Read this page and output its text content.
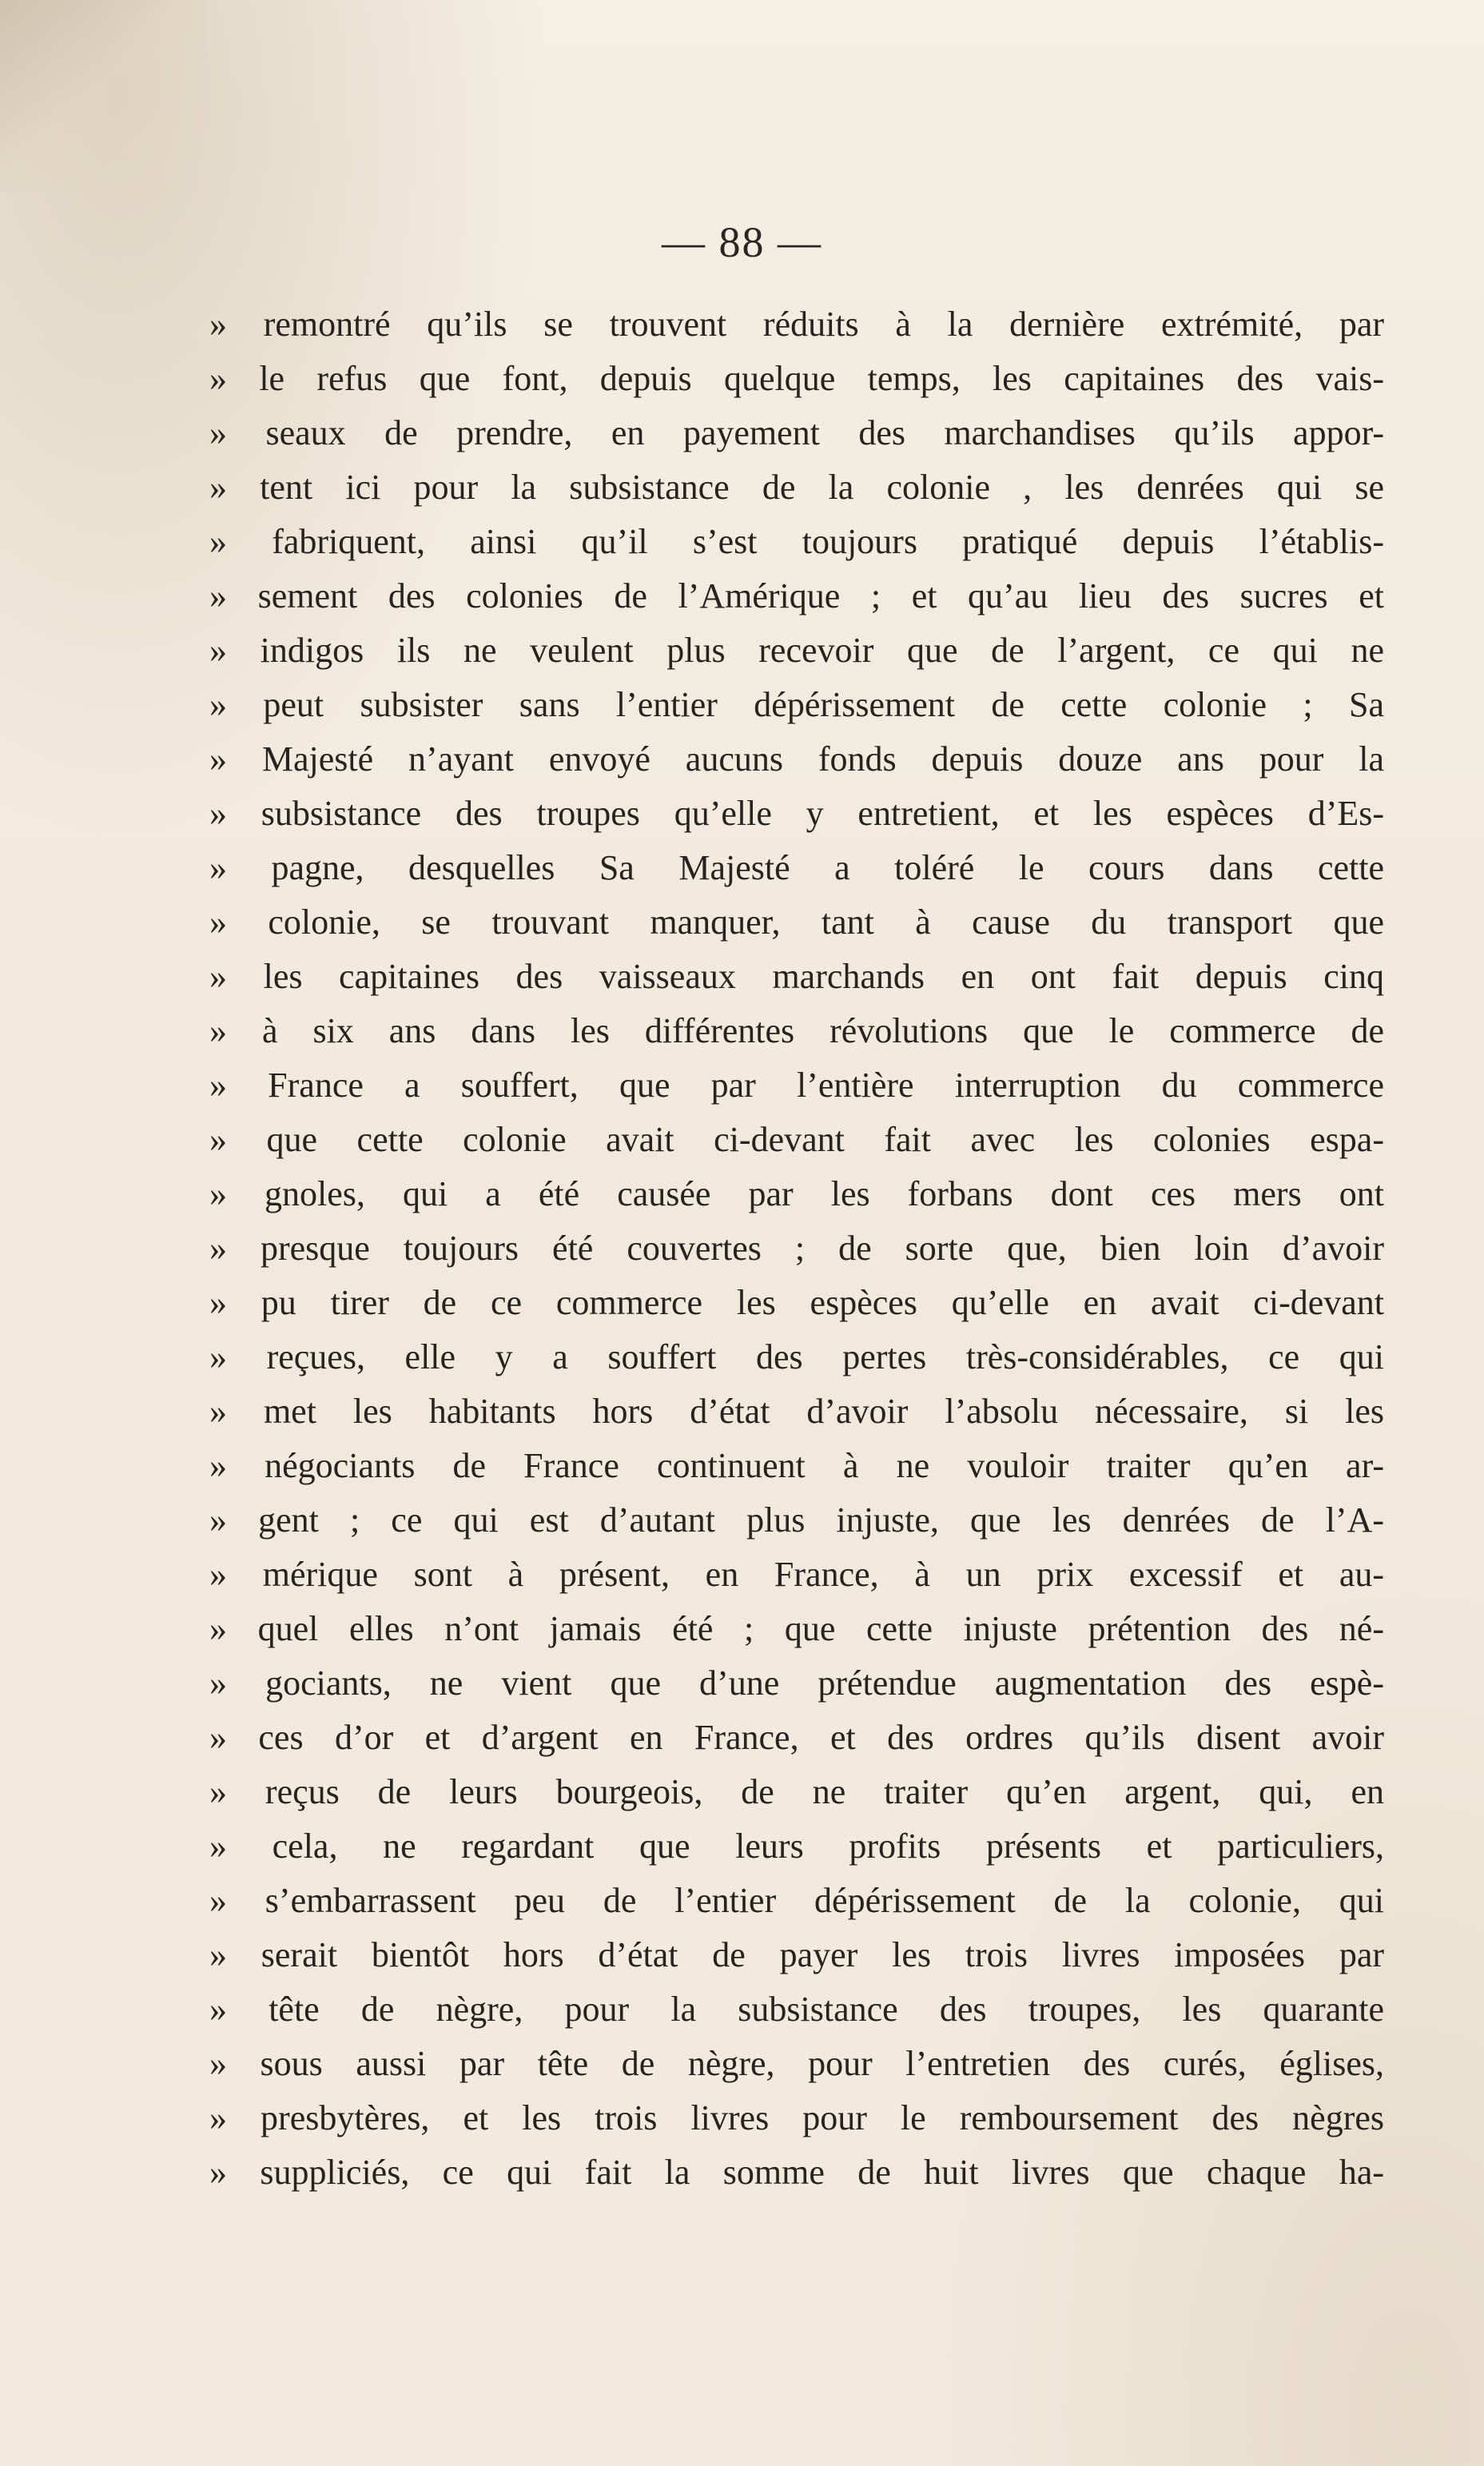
— 88 —
» remontré qu’ils se trouvent réduits à la dernière extrémité, par
» le refus que font, depuis quelque temps, les capitaines des vais-
» seaux de prendre, en payement des marchandises qu’ils appor-
» tent ici pour la subsistance de la colonie , les denrées qui se
» fabriquent, ainsi qu’il s’est toujours pratiqué depuis l’établis-
» sement des colonies de l’Amérique ; et qu’au lieu des sucres et
» indigos ils ne veulent plus recevoir que de l’argent, ce qui ne
» peut subsister sans l’entier dépérissement de cette colonie ; Sa
» Majesté n’ayant envoyé aucuns fonds depuis douze ans pour la
» subsistance des troupes qu’elle y entretient, et les espèces d’Es-
» pagne, desquelles Sa Majesté a toléré le cours dans cette
» colonie, se trouvant manquer, tant à cause du transport que
» les capitaines des vaisseaux marchands en ont fait depuis cinq
» à six ans dans les différentes révolutions que le commerce de
» France a souffert, que par l’entière interruption du commerce
» que cette colonie avait ci-devant fait avec les colonies espa-
» gnoles, qui a été causée par les forbans dont ces mers ont
» presque toujours été couvertes ; de sorte que, bien loin d’avoir
» pu tirer de ce commerce les espèces qu’elle en avait ci-devant
» reçues, elle y a souffert des pertes très-considérables, ce qui
» met les habitants hors d’état d’avoir l’absolu nécessaire, si les
» négociants de France continuent à ne vouloir traiter qu’en ar-
» gent ; ce qui est d’autant plus injuste, que les denrées de l’A-
» mérique sont à présent, en France, à un prix excessif et au-
» quel elles n’ont jamais été ; que cette injuste prétention des né-
» gociants, ne vient que d’une prétendue augmentation des espè-
» ces d’or et d’argent en France, et des ordres qu’ils disent avoir
» reçus de leurs bourgeois, de ne traiter qu’en argent, qui, en
» cela, ne regardant que leurs profits présents et particuliers,
» s’embarrassent peu de l’entier dépérissement de la colonie, qui
» serait bientôt hors d’état de payer les trois livres imposées par
» tête de nègre, pour la subsistance des troupes, les quarante
» sous aussi par tête de nègre, pour l’entretien des curés, églises,
» presbytères, et les trois livres pour le remboursement des nègres
» suppliciés, ce qui fait la somme de huit livres que chaque ha-
